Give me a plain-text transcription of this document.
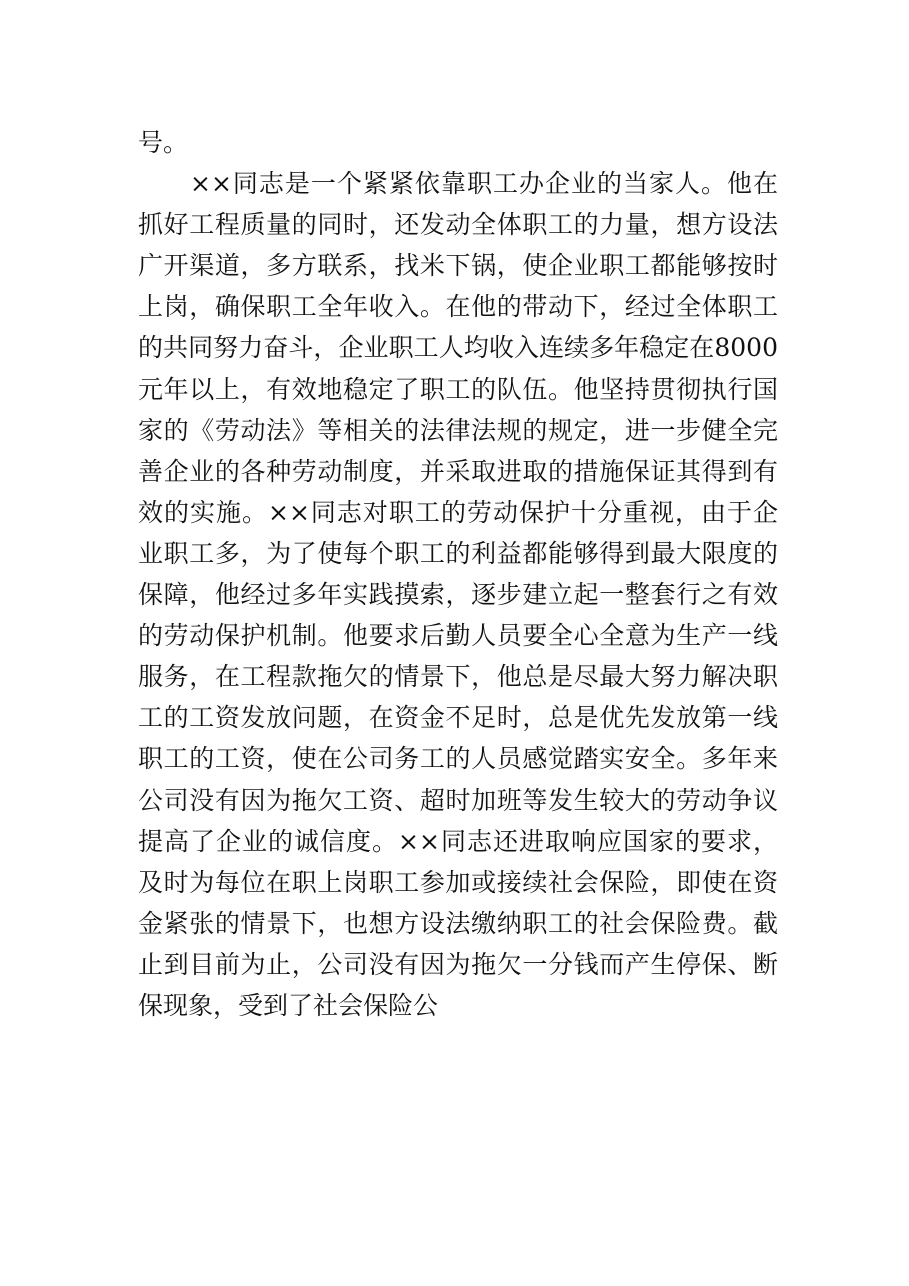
号。
　　××同志是一个紧紧依靠职工办企业的当家人。他在
抓好工程质量的同时，还发动全体职工的力量，想方设法
广开渠道，多方联系，找米下锅，使企业职工都能够按时
上岗，确保职工全年收入。在他的带动下，经过全体职工
的共同努力奋斗，企业职工人均收入连续多年稳定在8000
元年以上，有效地稳定了职工的队伍。他坚持贯彻执行国
家的《劳动法》等相关的法律法规的规定，进一步健全完
善企业的各种劳动制度，并采取进取的措施保证其得到有
效的实施。××同志对职工的劳动保护十分重视，由于企
业职工多，为了使每个职工的利益都能够得到最大限度的
保障，他经过多年实践摸索，逐步建立起一整套行之有效
的劳动保护机制。他要求后勤人员要全心全意为生产一线
服务，在工程款拖欠的情景下，他总是尽最大努力解决职
工的工资发放问题，在资金不足时，总是优先发放第一线
职工的工资，使在公司务工的人员感觉踏实安全。多年来
公司没有因为拖欠工资、超时加班等发生较大的劳动争议
提高了企业的诚信度。××同志还进取响应国家的要求，
及时为每位在职上岗职工参加或接续社会保险，即使在资
金紧张的情景下，也想方设法缴纳职工的社会保险费。截
止到目前为止，公司没有因为拖欠一分钱而产生停保、断
保现象，受到了社会保险公
